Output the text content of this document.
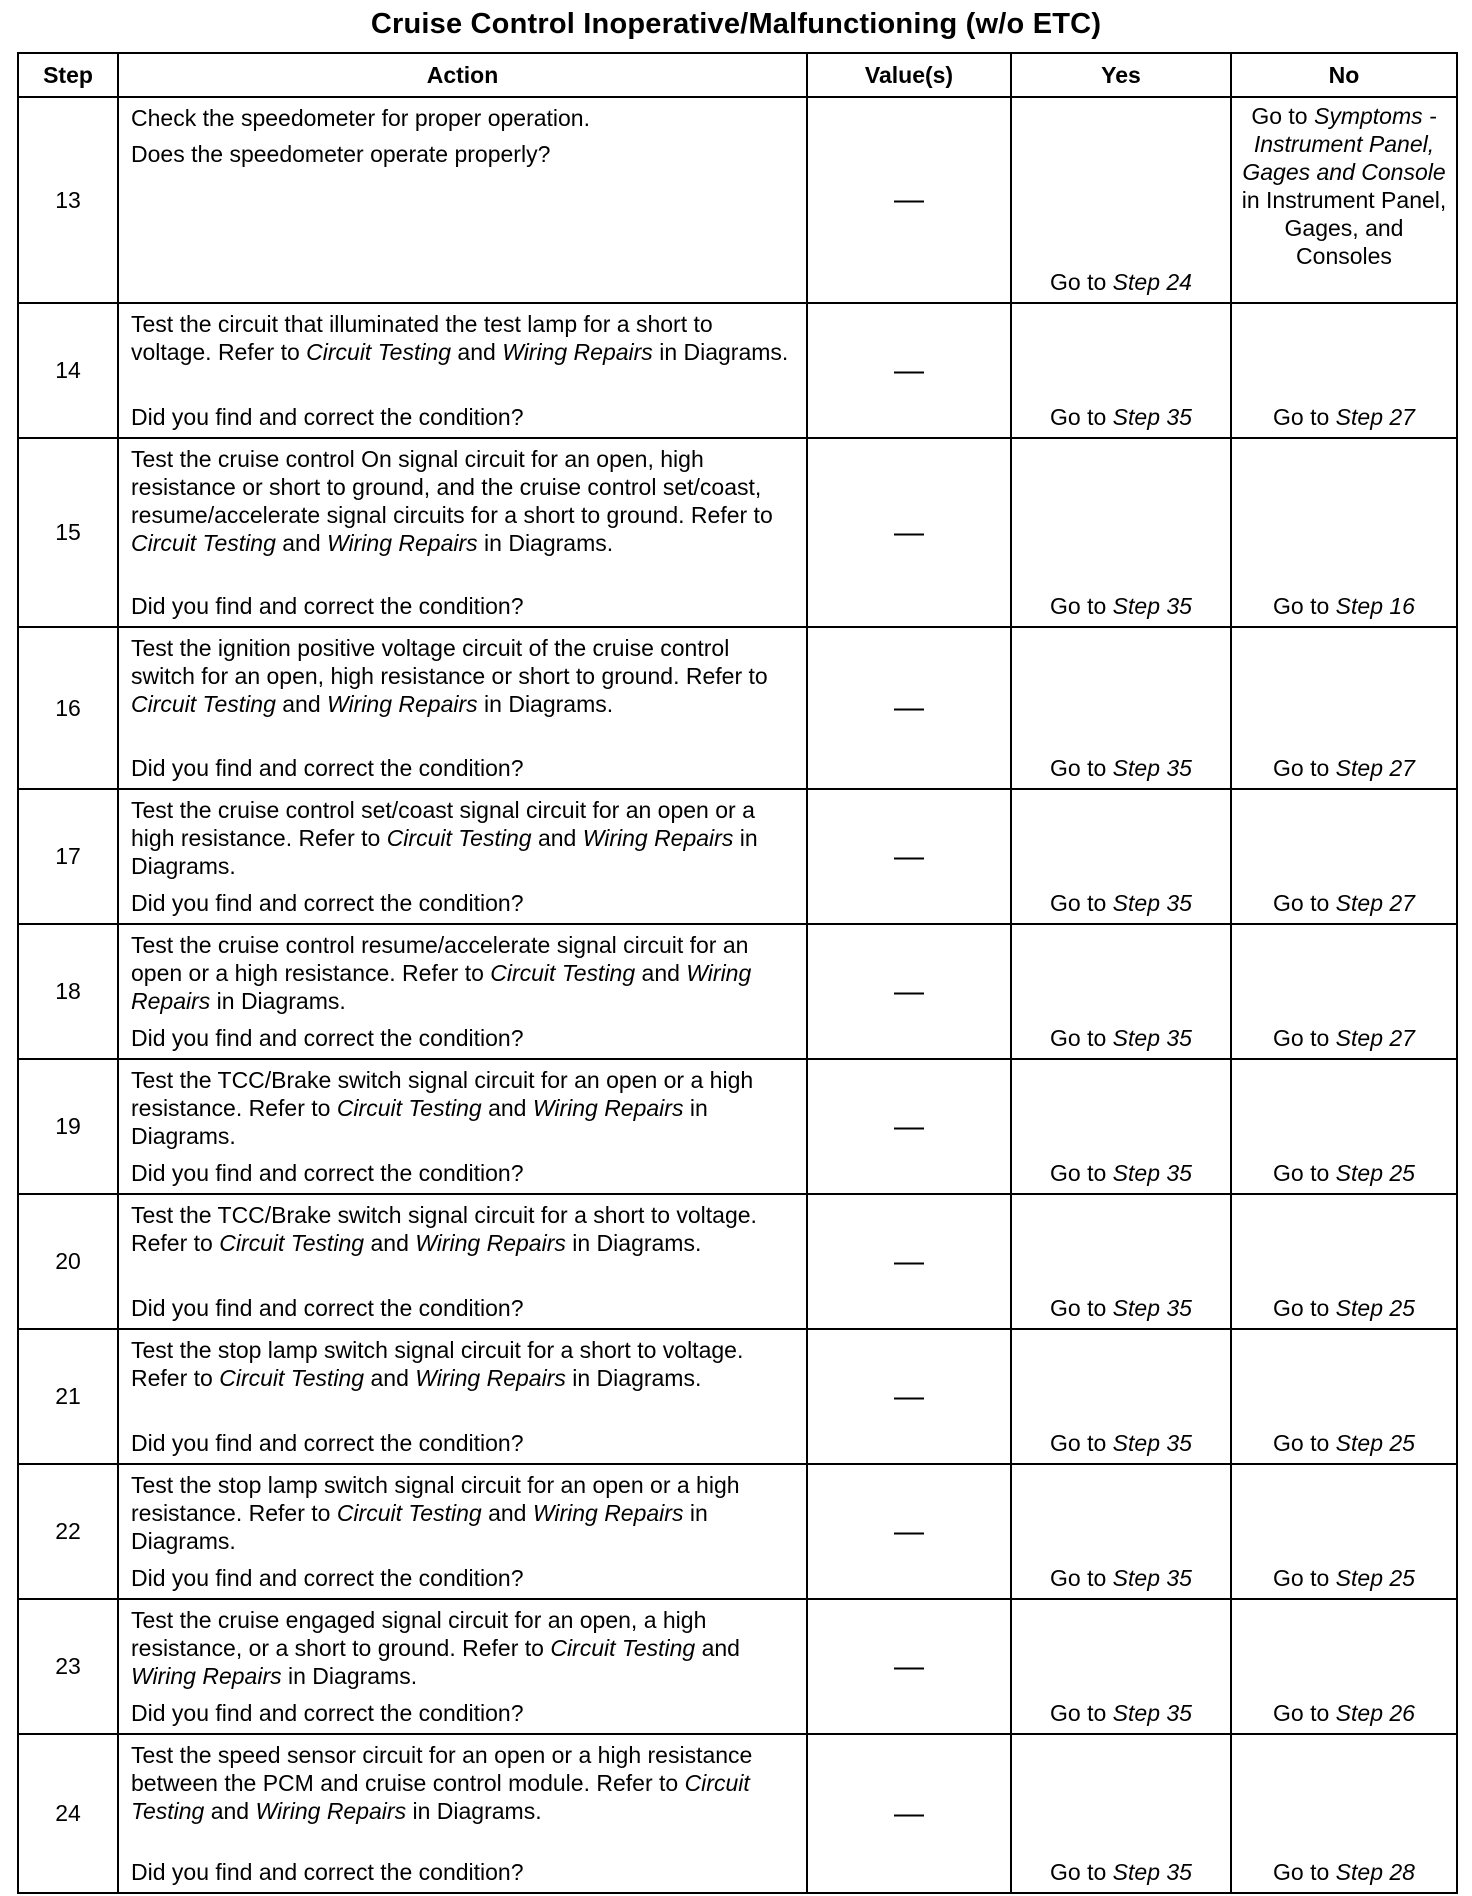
Cruise Control Inoperative/Malfunctioning (w/o ETC)
Step	Action	Value(s)	Yes	No
13	Check the speedometer for proper operation.

Does the speedometer operate properly?	—	Go to Step 24	Go to Symptoms - Instrument Panel, Gages and Console in Instrument Panel, Gages, and Consoles
14	Test the circuit that illuminated the test lamp for a short to voltage. Refer to Circuit Testing and Wiring Repairs in Diagrams.

Did you find and correct the condition?	—	Go to Step 35	Go to Step 27
15	Test the cruise control On signal circuit for an open, high resistance or short to ground, and the cruise control set/coast, resume/accelerate signal circuits for a short to ground. Refer to Circuit Testing and Wiring Repairs in Diagrams.

Did you find and correct the condition?	—	Go to Step 35	Go to Step 16
16	Test the ignition positive voltage circuit of the cruise control switch for an open, high resistance or short to ground. Refer to Circuit Testing and Wiring Repairs in Diagrams.

Did you find and correct the condition?	—	Go to Step 35	Go to Step 27
17	Test the cruise control set/coast signal circuit for an open or a high resistance. Refer to Circuit Testing and Wiring Repairs in Diagrams.

Did you find and correct the condition?	—	Go to Step 35	Go to Step 27
18	Test the cruise control resume/accelerate signal circuit for an open or a high resistance. Refer to Circuit Testing and Wiring Repairs in Diagrams.

Did you find and correct the condition?	—	Go to Step 35	Go to Step 27
19	Test the TCC/Brake switch signal circuit for an open or a high resistance. Refer to Circuit Testing and Wiring Repairs in Diagrams.

Did you find and correct the condition?	—	Go to Step 35	Go to Step 25
20	Test the TCC/Brake switch signal circuit for a short to voltage. Refer to Circuit Testing and Wiring Repairs in Diagrams.

Did you find and correct the condition?	—	Go to Step 35	Go to Step 25
21	Test the stop lamp switch signal circuit for a short to voltage. Refer to Circuit Testing and Wiring Repairs in Diagrams.

Did you find and correct the condition?	—	Go to Step 35	Go to Step 25
22	Test the stop lamp switch signal circuit for an open or a high resistance. Refer to Circuit Testing and Wiring Repairs in Diagrams.

Did you find and correct the condition?	—	Go to Step 35	Go to Step 25
23	Test the cruise engaged signal circuit for an open, a high resistance, or a short to ground. Refer to Circuit Testing and Wiring Repairs in Diagrams.

Did you find and correct the condition?	—	Go to Step 35	Go to Step 26
24	Test the speed sensor circuit for an open or a high resistance between the PCM and cruise control module. Refer to Circuit Testing and Wiring Repairs in Diagrams.

Did you find and correct the condition?	—	Go to Step 35	Go to Step 28
